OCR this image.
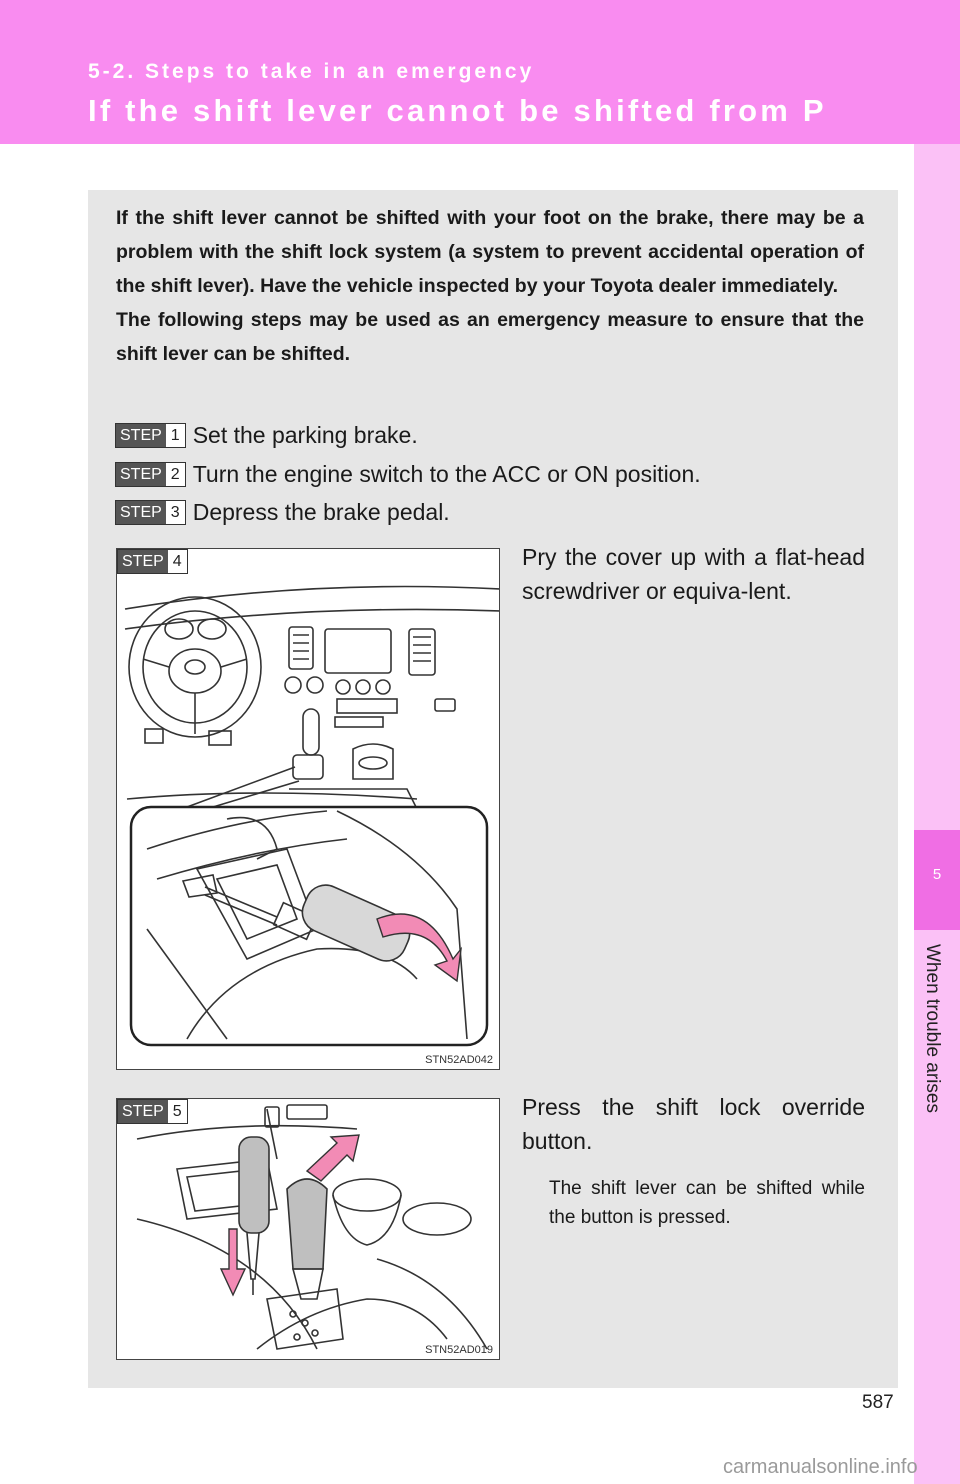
5-2. Steps to take in an emergency
If the shift lever cannot be shifted from P
5
When trouble arises

If the shift lever cannot be shifted with your foot on the brake, there may be a problem with the shift lock system (a system to prevent accidental operation of the shift lever). Have the vehicle inspected by your Toyota dealer immediately.

The following steps may be used as an emergency measure to ensure that the shift lever can be shifted.

STEP 1 Set the parking brake.
STEP 2 Turn the engine switch to the ACC or ON position.
STEP 3 Depress the brake pedal.
STEP 4
STN52AD042

Pry the cover up with a flat-head screwdriver or equiva-lent.

STEP 5
STN52AD019

Press the shift lock override button.

The shift lever can be shifted while the button is pressed.

587
carmanualsonline.info
